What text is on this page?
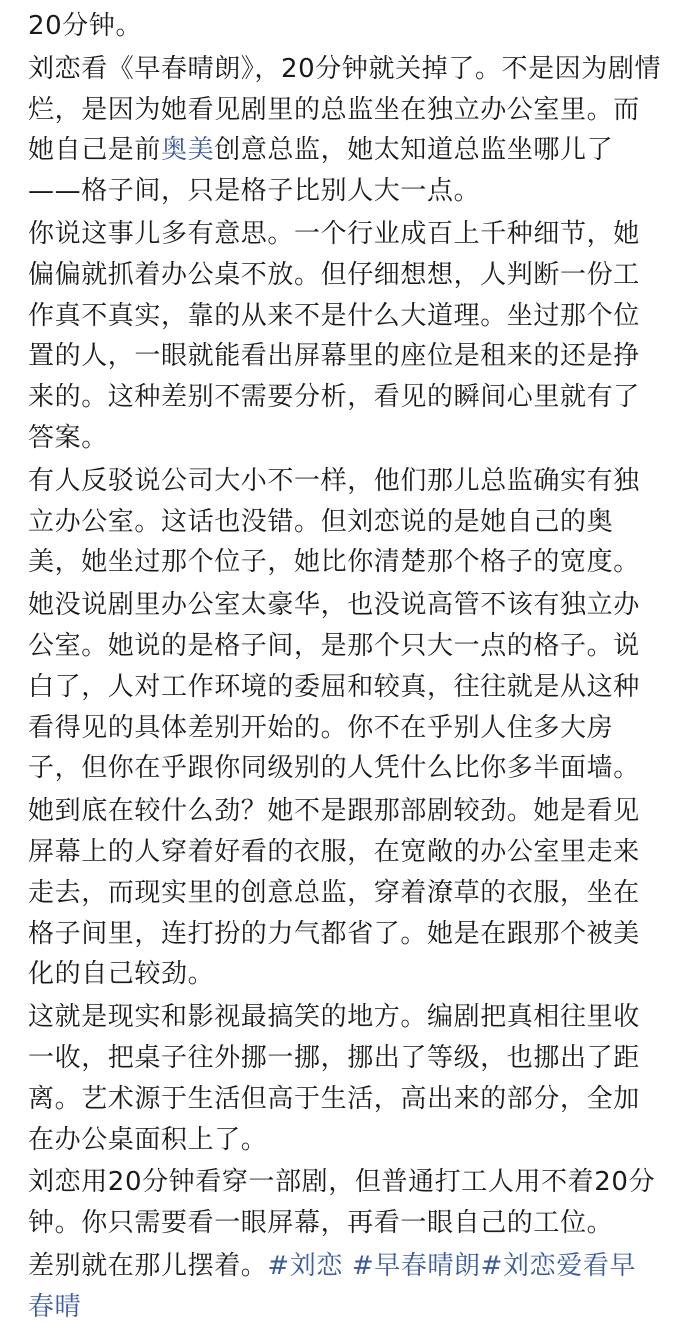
20分钟。

刘恋看《早春晴朗》，20分钟就关掉了。不是因为剧情烂，是因为她看见剧里的总监坐在独立办公室里。而她自己是前奥美创意总监，她太知道总监坐哪儿了——格子间，只是格子比别人大一点。

你说这事儿多有意思。一个行业成百上千种细节，她偏偏就抓着办公桌不放。但仔细想想，人判断一份工作真不真实，靠的从来不是什么大道理。坐过那个位置的人，一眼就能看出屏幕里的座位是租来的还是挣来的。这种差别不需要分析，看见的瞬间心里就有了答案。

有人反驳说公司大小不一样，他们那儿总监确实有独立办公室。这话也没错。但刘恋说的是她自己的奥美，她坐过那个位子，她比你清楚那个格子的宽度。

她没说剧里办公室太豪华，也没说高管不该有独立办公室。她说的是格子间，是那个只大一点的格子。说白了，人对工作环境的委屈和较真，往往就是从这种看得见的具体差别开始的。你不在乎别人住多大房子，但你在乎跟你同级别的人凭什么比你多半面墙。

她到底在较什么劲？她不是跟那部剧较劲。她是看见屏幕上的人穿着好看的衣服，在宽敞的办公室里走来走去，而现实里的创意总监，穿着潦草的衣服，坐在格子间里，连打扮的力气都省了。她是在跟那个被美化的自己较劲。

这就是现实和影视最搞笑的地方。编剧把真相往里收一收，把桌子往外挪一挪，挪出了等级，也挪出了距离。艺术源于生活但高于生活，高出来的部分，全加在办公桌面积上了。

刘恋用20分钟看穿一部剧，但普通打工人用不着20分钟。你只需要看一眼屏幕，再看一眼自己的工位。

差别就在那儿摆着。#刘恋 #早春晴朗#刘恋爱看早春晴
